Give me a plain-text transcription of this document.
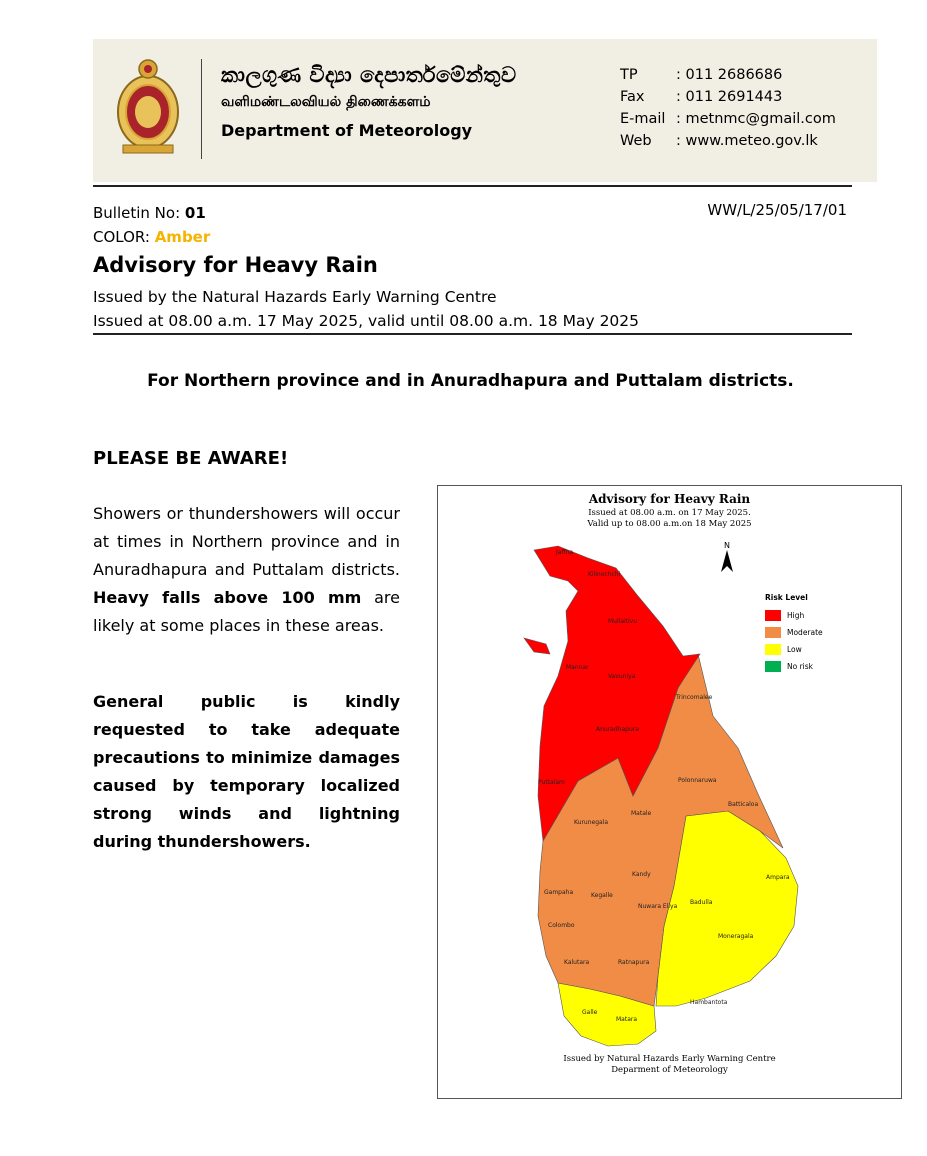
කාලගුණ විද්‍යා දෙපාර්තමේන්තුව
வளிமண்டலவியல் திணைக்களம்
Department of Meteorology
TP	: 011 2686686
Fax	: 011 2691443
E-mail : metnmc@gmail.com
Web	: www.meteo.gov.lk
Bulletin No: 01
COLOR: Amber
WW/L/25/05/17/01
Advisory for Heavy Rain
Issued by the Natural Hazards Early Warning Centre
Issued at 08.00 a.m. 17 May 2025, valid until 08.00 a.m. 18 May 2025
For Northern province and in Anuradhapura and Puttalam districts.
PLEASE BE AWARE!
Showers or thundershowers will occur at times in Northern province and in Anuradhapura and Puttalam districts. Heavy falls above 100 mm are likely at some places in these areas.
General public is kindly requested to take adequate precautions to minimize damages caused by temporary localized strong winds and lightning during thundershowers.
Advisory for Heavy Rain
Issued at 08.00 a.m. on 17 May 2025.
Valid up to 08.00 a.m.on 18 May 2025
N
Jaffna
Kilinochchi
Mullaitivu
Mannar
Vavuniya
Anuradhapura
Trincomalee
Puttalam
Kurunegala
Polonnaruwa
Matale
Batticaloa
Kandy	Ampara
Gampaha	Kegalle
Nuwara Eliya
Badulla
Colombo
Moneragala
Kalutara	Ratnapura
Hambantota
Galle
Matara
Risk Level
High
Moderate
Low
No risk
Issued by Natural Hazards Early Warning Centre
Deparment of Meteorology
